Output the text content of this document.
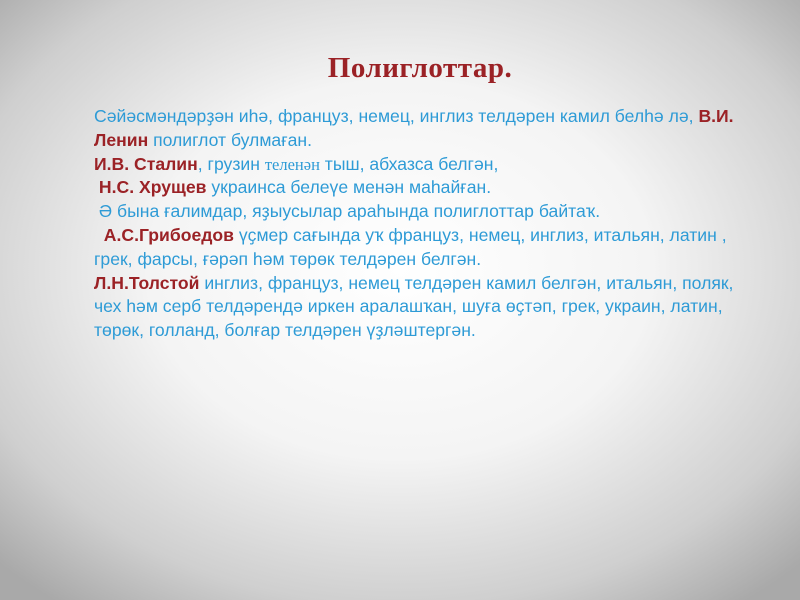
Полиглоттар.

Сәйәсмәндәрҙән иһә, француз, немец, инглиз телдәрен камил белһә лә, В.И. Ленин полиглот булмаған.

И.В. Сталин, грузин теленән тыш, абхазса белгән,

Н.С. Хрущев украинса белеүе менән маһайған.

Ә бына ғалимдар, яҙыусылар араһында полиглоттар байтаҡ.

А.С.Грибоедов үҫмер сағында уҡ француз, немец, инглиз, итальян, латин , грек, фарсы, ғәрәп һәм төрөк телдәрен белгән.

Л.Н.Толстой инглиз, француз, немец телдәрен камил белгән, итальян, поляк, чех һәм серб телдәрендә иркен аралашҡан, шуға өҫтәп, грек, украин, латин, төрөк, голланд, болғар телдәрен үҙләштергән.
